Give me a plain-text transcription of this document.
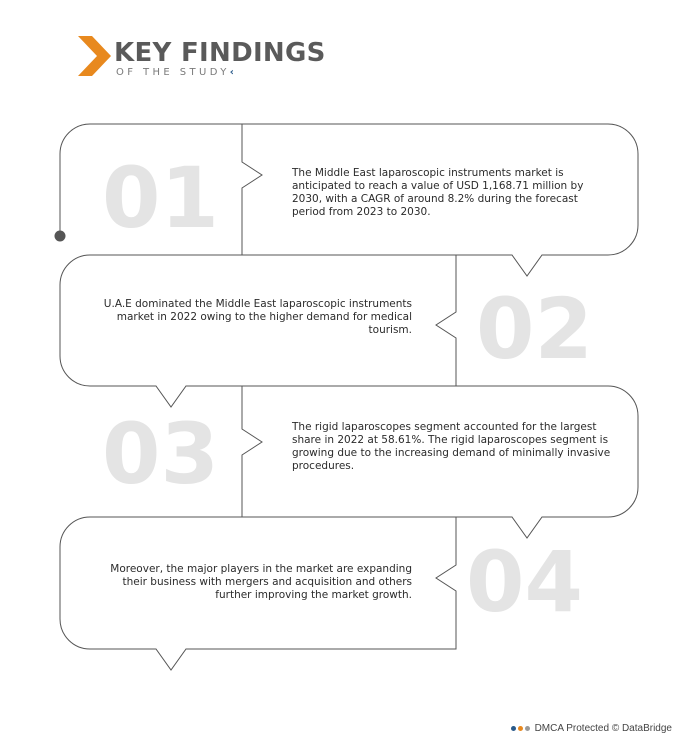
KEY FINDINGS
OF THE STUDY‹
01
02
03
04
The Middle East laparoscopic instruments market is anticipated to reach a value of USD 1,168.71 million by 2030, with a CAGR of around 8.2% during the forecast period from 2023 to 2030.
U.A.E dominated the Middle East laparoscopic instruments market in 2022 owing to the higher demand for medical tourism.
The rigid laparoscopes segment accounted for the largest share in 2022 at 58.61%. The rigid laparoscopes segment is growing due to the increasing demand of minimally invasive procedures.
Moreover, the major players in the market are expanding their business with mergers and acquisition and others further improving the market growth.
DMCA Protected © DataBridge
